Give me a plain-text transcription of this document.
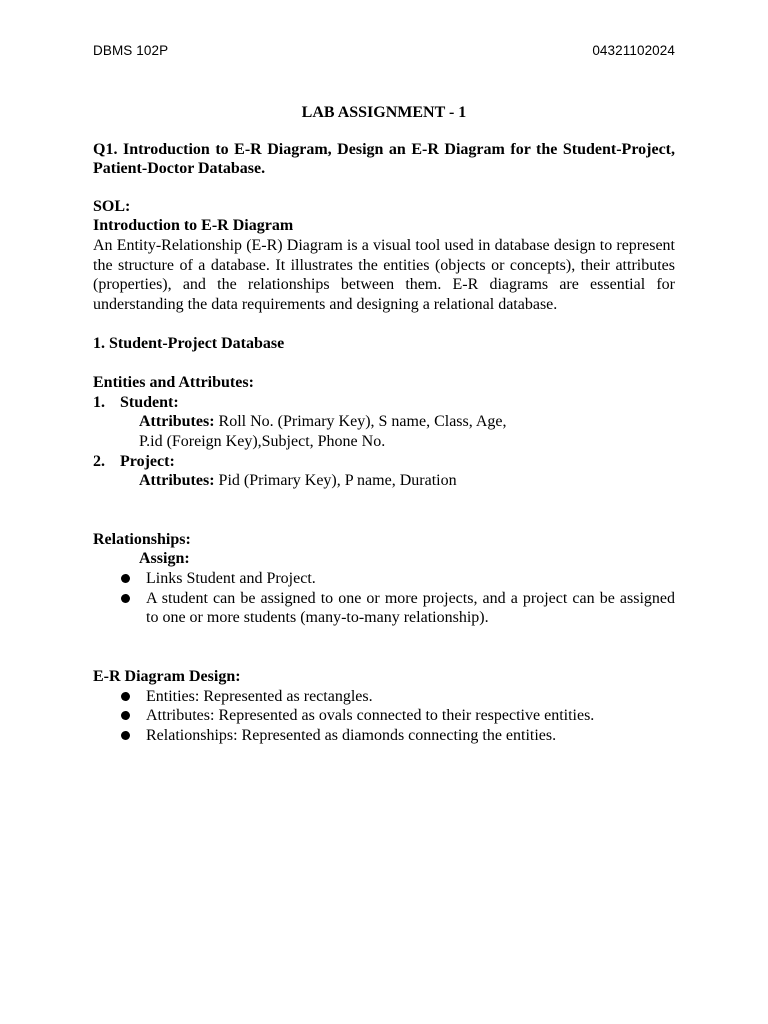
DBMS 102P	04321102024

LAB ASSIGNMENT - 1

Q1. Introduction to E-R Diagram, Design an E-R Diagram for the Student-Project, Patient-Doctor Database.
SOL:
Introduction to E-R Diagram
An Entity-Relationship (E-R) Diagram is a visual tool used in database design to represent the structure of a database. It illustrates the entities (objects or concepts), their attributes (properties), and the relationships between them. E-R diagrams are essential for understanding the data requirements and designing a relational database.
1. Student-Project Database
Entities and Attributes:
1. Student:
Attributes: Roll No. (Primary Key), S name, Class, Age,
P.id (Foreign Key),Subject, Phone No.
2. Project:
Attributes: Pid (Primary Key), P name, Duration
Relationships:
Assign:
Links Student and Project.
A student can be assigned to one or more projects, and a project can be assigned to one or more students (many-to-many relationship).
E-R Diagram Design:
Entities: Represented as rectangles.
Attributes: Represented as ovals connected to their respective entities.
Relationships: Represented as diamonds connecting the entities.
